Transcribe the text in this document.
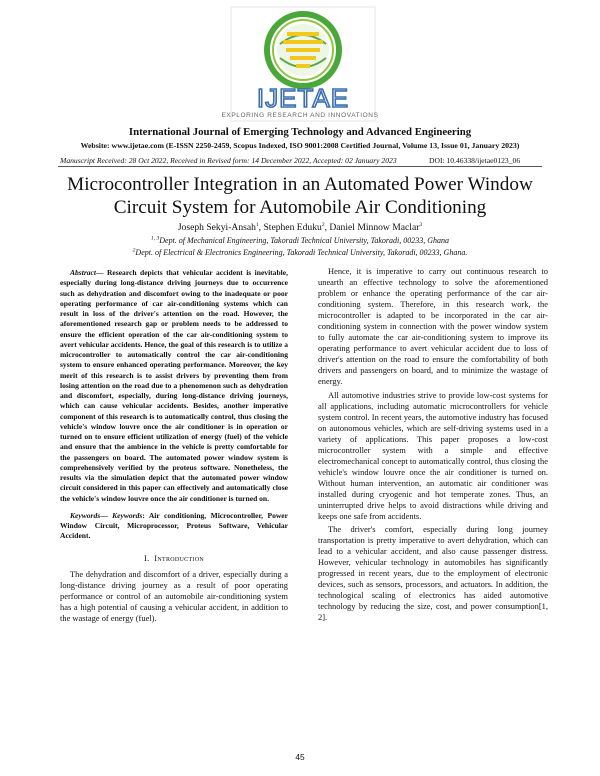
IJETAE
EXPLORING RESEARCH AND INNOVATIONS
International Journal of Emerging Technology and Advanced Engineering
Website: www.ijetae.com (E-ISSN 2250-2459, Scopus Indexed, ISO 9001:2008 Certified Journal, Volume 13, Issue 01, January 2023)
Manuscript Received: 28 Oct 2022, Received in Revised form: 14 December 2022, Accepted: 02 January 2023	DOI: 10.46338/ijetae0123_06
Microcontroller Integration in an Automated Power Window
Circuit System for Automobile Air Conditioning
Joseph Sekyi-Ansah$^1$, Stephen Eduku$^2$, Daniel Minnow Maclar$^3$
$^{1, 3}$Dept. of Mechanical Engineering, Takoradi Technical University, Takoradi, 00233, Ghana
$^2$Dept. of Electrical & Electronics Engineering, Takoradi Technical University, Takoradi, 00233, Ghana.

Abstract— Research depicts that vehicular accident is inevitable, especially during long-distance driving journeys due to occurrence such as dehydration and discomfort owing to the inadequate or poor operating performance of car air-conditioning systems which can result in loss of the driver's attention on the road. However, the aforementioned research gap or problem needs to be addressed to ensure the efficient operation of the car air-conditioning system to avert vehicular accidents. Hence, the goal of this research is to utilize a microcontroller to automatically control the car air-conditioning system to ensure enhanced operating performance. Moreover, the key merit of this research is to assist drivers by preventing them from losing attention on the road due to a phenomenon such as dehydration and discomfort, especially, during long-distance driving journeys, which can cause vehicular accidents. Besides, another imperative component of this research is to automatically control, thus closing the vehicle's window louvre once the air conditioner is in operation or turned on to ensure efficient utilization of energy (fuel) of the vehicle and ensure that the ambience in the vehicle is pretty comfortable for the passengers on board. The automated power window system is comprehensively verified by the proteus software. Nonetheless, the results via the simulation depict that the automated power window circuit considered in this paper can effectively and automatically close the vehicle's window louvre once the air conditioner is turned on.

Keywords— Keywords: Air conditioning, Microcontroller, Power Window Circuit, Microprocessor, Proteus Software, Vehicular Accident.

I. Introduction

The dehydration and discomfort of a driver, especially during a long-distance driving journey as a result of poor operating performance or control of an automobile air-conditioning system has a high potential of causing a vehicular accident, in addition to the wastage of energy (fuel).

Hence, it is imperative to carry out continuous research to unearth an effective technology to solve the aforementioned problem or enhance the operating performance of the car air-conditioning system. Therefore, in this research work, the microcontroller is adapted to be incorporated in the car air-conditioning system in connection with the power window system to fully automate the car air-conditioning system to improve its operating performance to avert vehicular accident due to loss of driver's attention on the road to ensure the comfortability of both drivers and passengers on board, and to minimize the wastage of energy.

All automotive industries strive to provide low-cost systems for all applications, including automatic microcontrollers for vehicle system control. In recent years, the automotive industry has focused on autonomous vehicles, which are self-driving systems used in a variety of applications. This paper proposes a low-cost microcontroller system with a simple and effective electromechanical concept to automatically control, thus closing the vehicle's window louvre once the air conditioner is turned on. Without human intervention, an automatic air conditioner was installed during cryogenic and hot temperate zones. Thus, an uninterrupted drive helps to avoid distractions while driving and keeps one safe from accidents.

The driver's comfort, especially during long journey transportation is pretty imperative to avert dehydration, which can lead to a vehicular accident, and also cause passenger distress. However, vehicular technology in automobiles has significantly progressed in recent years, due to the employment of electronic devices, such as sensors, processors, and actuators. In addition, the technological scaling of electronics has aided automotive technology by reducing the size, cost, and power consumption[1, 2].

45
